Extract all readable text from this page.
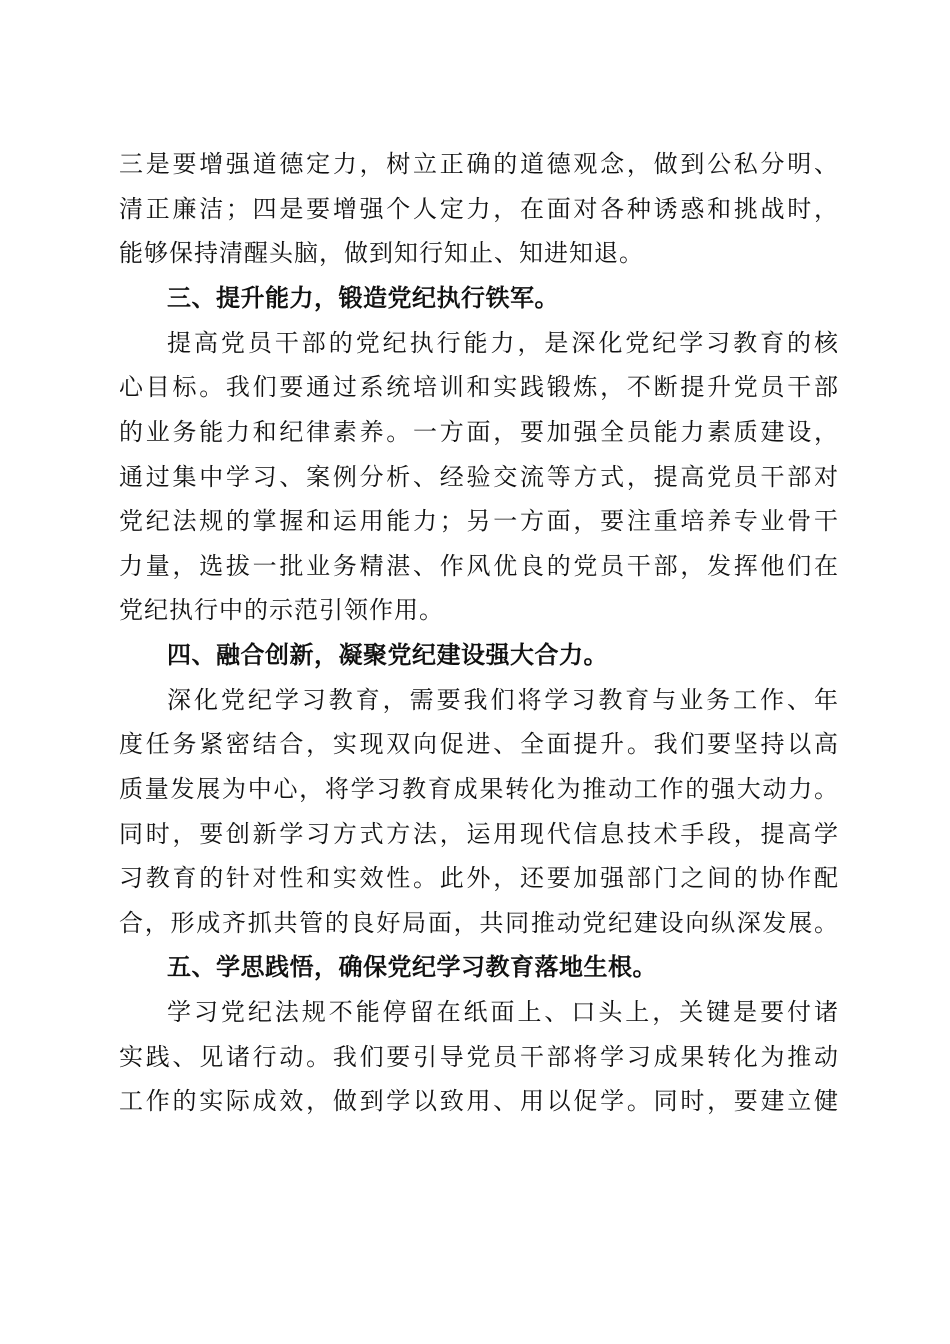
三是要增强道德定力，树立正确的道德观念，做到公私分明、
清正廉洁；四是要增强个人定力，在面对各种诱惑和挑战时，
能够保持清醒头脑，做到知行知止、知进知退。
三、提升能力，锻造党纪执行铁军。
提高党员干部的党纪执行能力，是深化党纪学习教育的核
心目标。我们要通过系统培训和实践锻炼，不断提升党员干部
的业务能力和纪律素养。一方面，要加强全员能力素质建设，
通过集中学习、案例分析、经验交流等方式，提高党员干部对
党纪法规的掌握和运用能力；另一方面，要注重培养专业骨干
力量，选拔一批业务精湛、作风优良的党员干部，发挥他们在
党纪执行中的示范引领作用。
四、融合创新，凝聚党纪建设强大合力。
深化党纪学习教育，需要我们将学习教育与业务工作、年
度任务紧密结合，实现双向促进、全面提升。我们要坚持以高
质量发展为中心，将学习教育成果转化为推动工作的强大动力。
同时，要创新学习方式方法，运用现代信息技术手段，提高学
习教育的针对性和实效性。此外，还要加强部门之间的协作配
合，形成齐抓共管的良好局面，共同推动党纪建设向纵深发展。
五、学思践悟，确保党纪学习教育落地生根。
学习党纪法规不能停留在纸面上、口头上，关键是要付诸
实践、见诸行动。我们要引导党员干部将学习成果转化为推动
工作的实际成效，做到学以致用、用以促学。同时，要建立健
